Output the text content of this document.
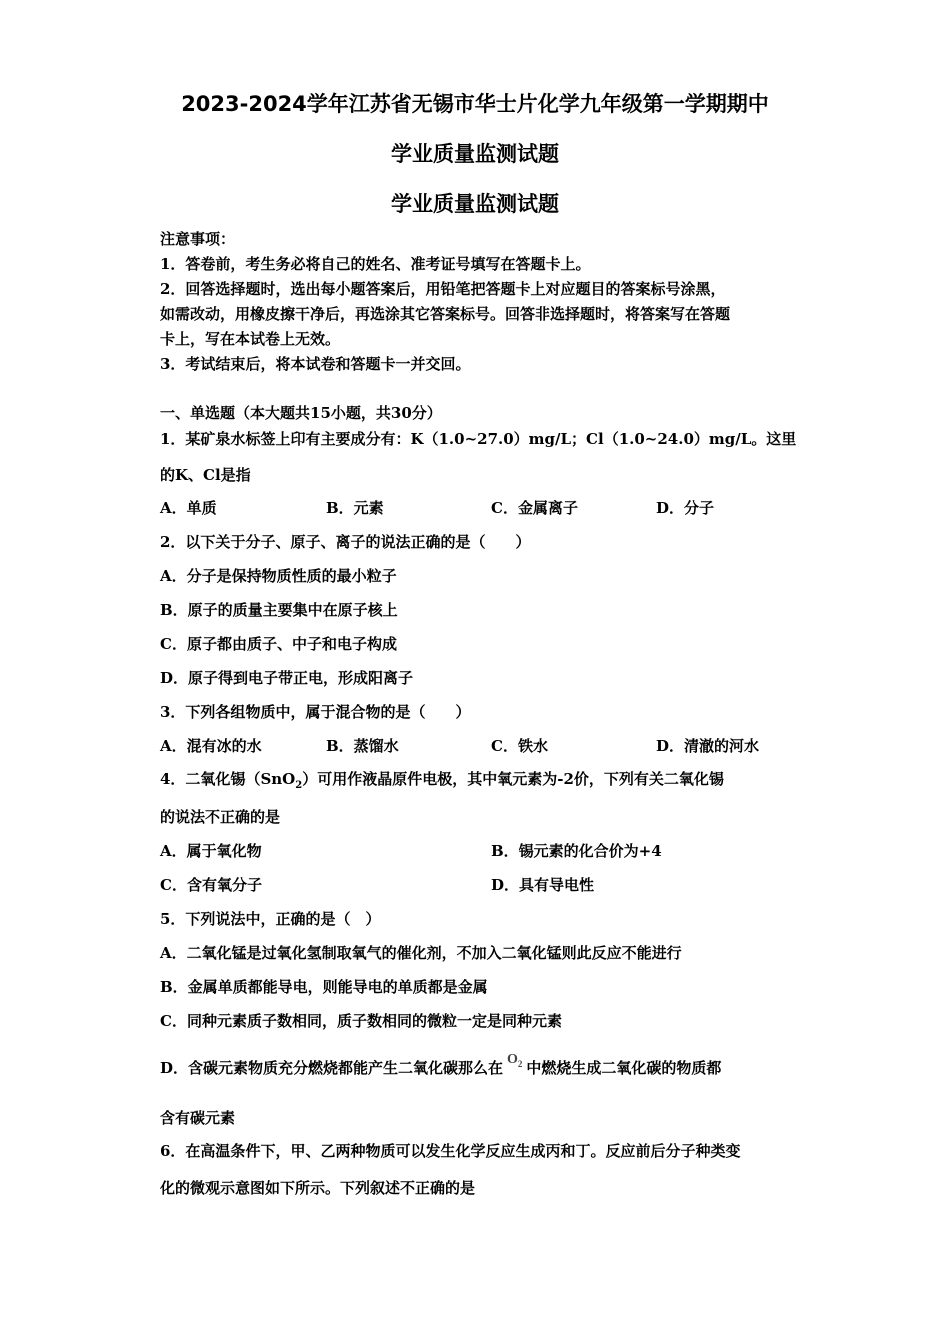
2023-2024学年江苏省无锡市华士片化学九年级第一学期期中
学业质量监测试题
学业质量监测试题
注意事项：
1．答卷前，考生务必将自己的姓名、准考证号填写在答题卡上。
2．回答选择题时，选出每小题答案后，用铅笔把答题卡上对应题目的答案标号涂黑，
如需改动，用橡皮擦干净后，再选涂其它答案标号。回答非选择题时，将答案写在答题
卡上，写在本试卷上无效。
3．考试结束后，将本试卷和答题卡一并交回。
一、单选题（本大题共15小题，共30分）
1．某矿泉水标签上印有主要成分有：K（1.0~27.0）mg/L；Cl（1.0~24.0）mg/L。这里
的K、Cl是指
A．单质	B．元素	C．金属离子	D．分子
2．以下关于分子、原子、离子的说法正确的是（　　）
A．分子是保持物质性质的最小粒子
B．原子的质量主要集中在原子核上
C．原子都由质子、中子和电子构成
D．原子得到电子带正电，形成阳离子
3．下列各组物质中，属于混合物的是（　　）
A．混有冰的水	B．蒸馏水	C．铁水	D．清澈的河水
4．二氧化锡（SnO$_2$）可用作液晶原件电极，其中氧元素为-2价，下列有关二氧化锡
的说法不正确的是
A．属于氧化物	B．锡元素的化合价为+4
C．含有氧分子	D．具有导电性
5．下列说法中，正确的是（　）
A．二氧化锰是过氧化氢制取氧气的催化剂，不加入二氧化锰则此反应不能进行
B．金属单质都能导电，则能导电的单质都是金属
C．同种元素质子数相同，质子数相同的微粒一定是同种元素
D．含碳元素物质充分燃烧都能产生二氧化碳那么在 $O_2$ 中燃烧生成二氧化碳的物质都
含有碳元素
6．在高温条件下，甲、乙两种物质可以发生化学反应生成丙和丁。反应前后分子种类变
化的微观示意图如下所示。下列叙述不正确的是
